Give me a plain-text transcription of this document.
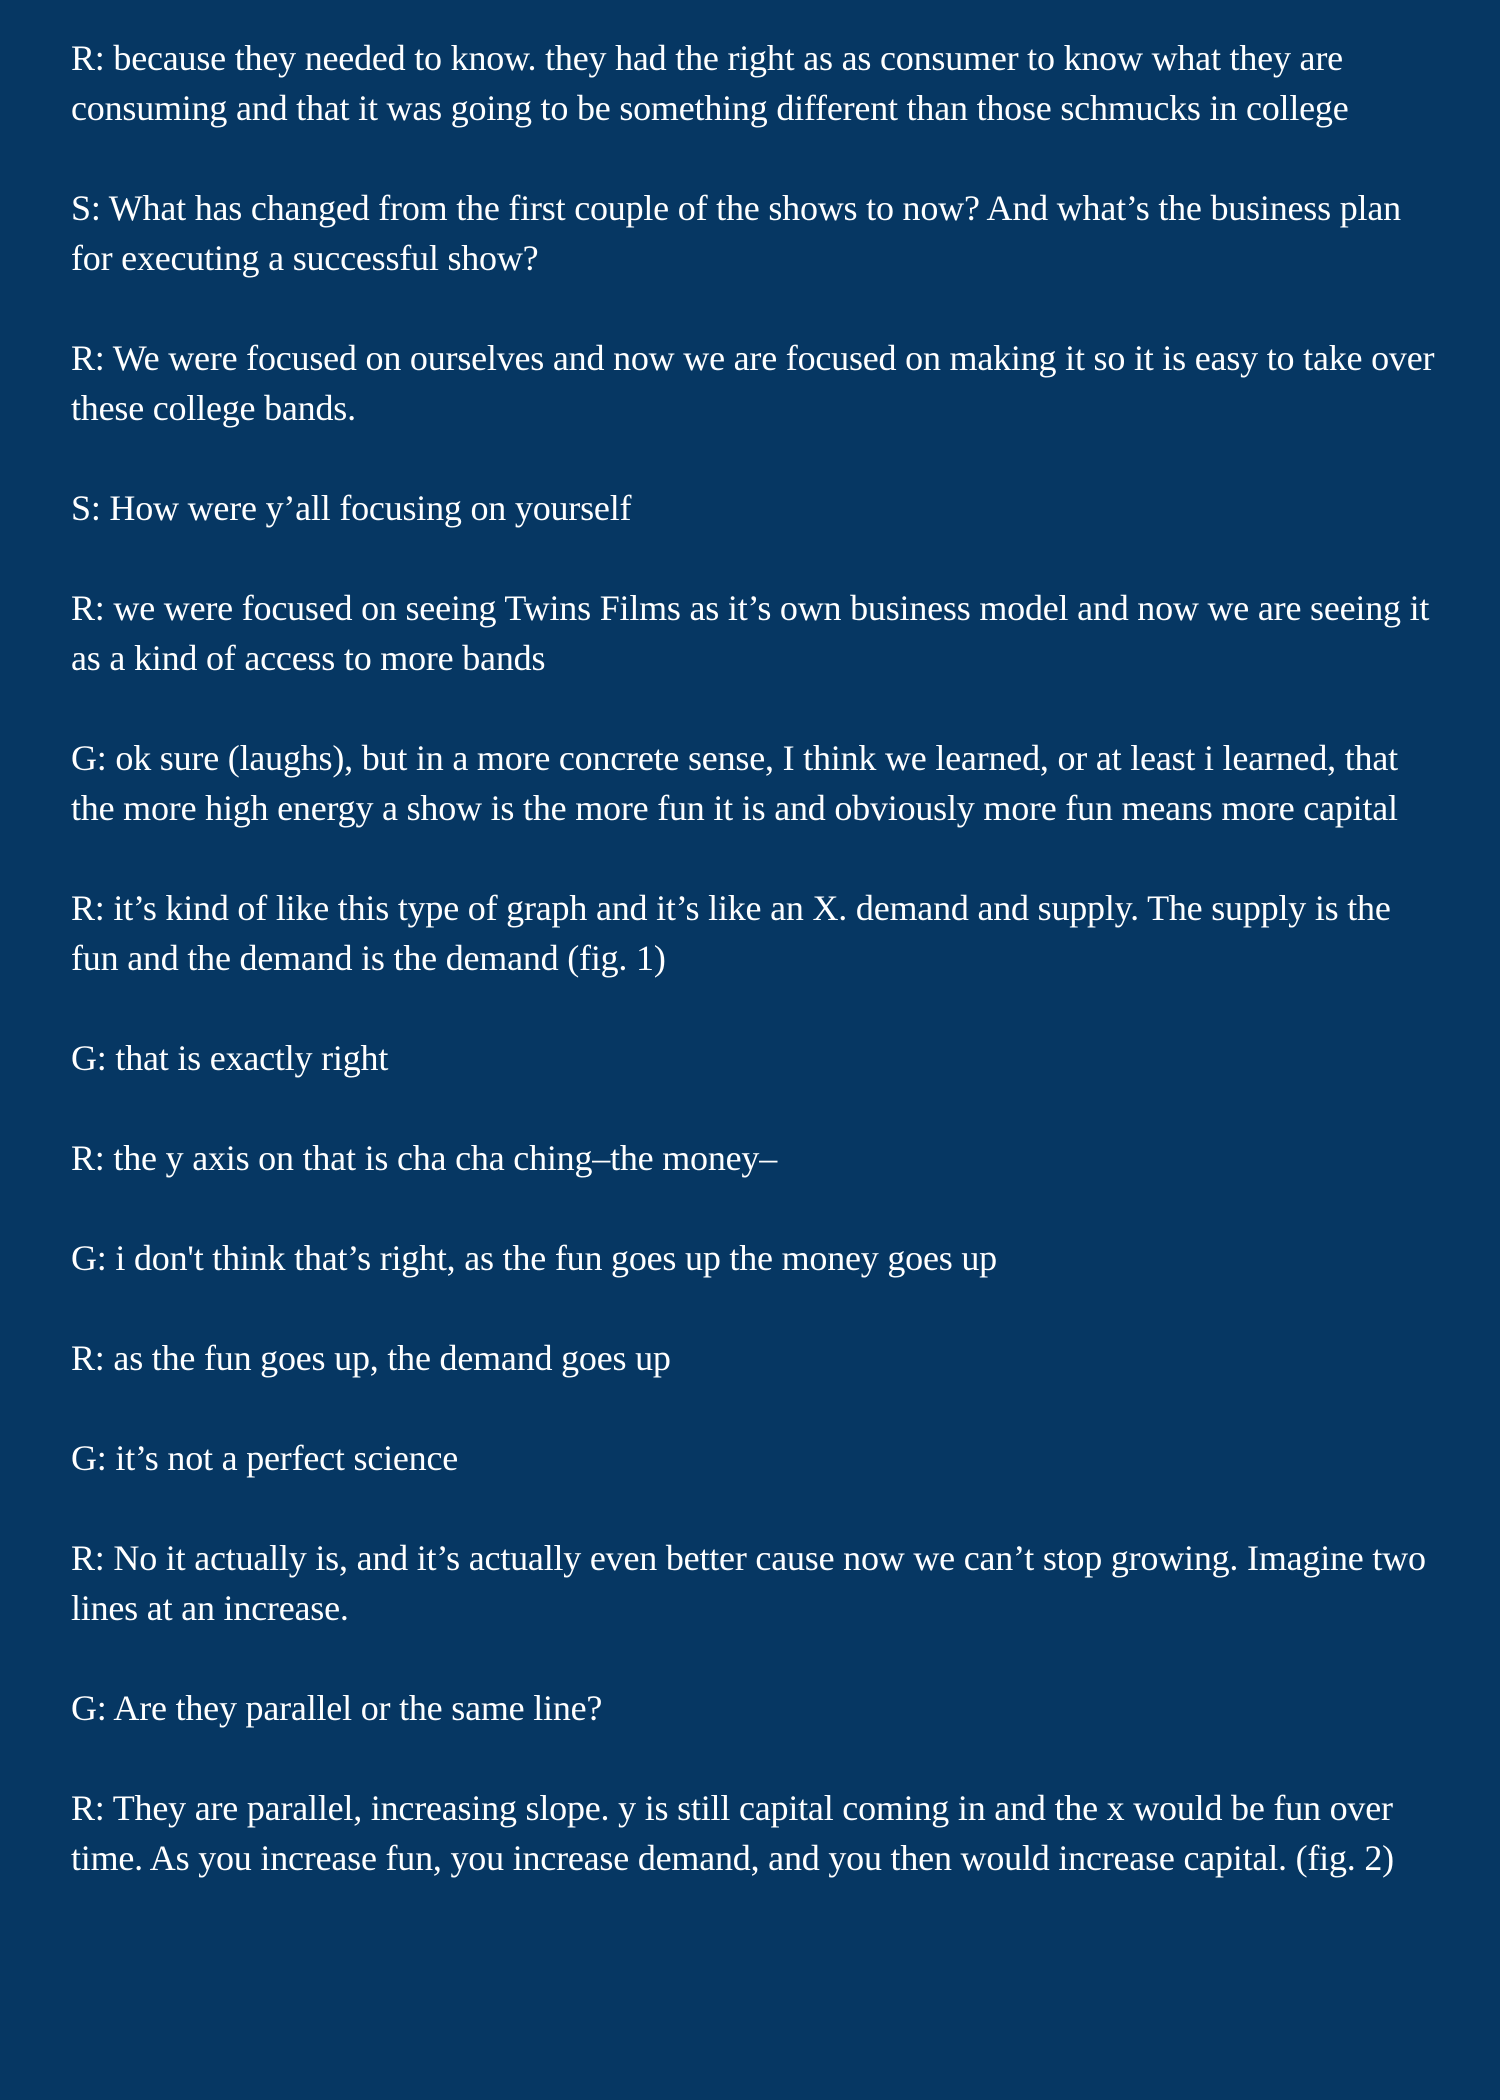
R: because they needed to know. they had the right as as consumer to know what they are consuming and that it was going to be something different than those schmucks in college

S: What has changed from the first couple of the shows to now? And what’s the business plan for executing a successful show?

R: We were focused on ourselves and now we are focused on making it so it is easy to take over these college bands.

S: How were y’all focusing on yourself

R: we were focused on seeing Twins Films as it’s own business model and now we are seeing it as a kind of access to more bands

G: ok sure (laughs), but in a more concrete sense, I think we learned, or at least i learned, that the more high energy a show is the more fun it is and obviously more fun means more capital

R: it’s kind of like this type of graph and it’s like an X. demand and supply. The supply is the fun and the demand is the demand (fig. 1)

G: that is exactly right

R: the y axis on that is cha cha ching–the money–

G: i don't think that’s right, as the fun goes up the money goes up

R: as the fun goes up, the demand goes up

G: it’s not a perfect science

R: No it actually is, and it’s actually even better cause now we can’t stop growing. Imagine two lines at an increase.

G: Are they parallel or the same line?

R: They are parallel, increasing slope. y is still capital coming in and the x would be fun over time. As you increase fun, you increase demand, and you then would increase capital. (fig. 2)
